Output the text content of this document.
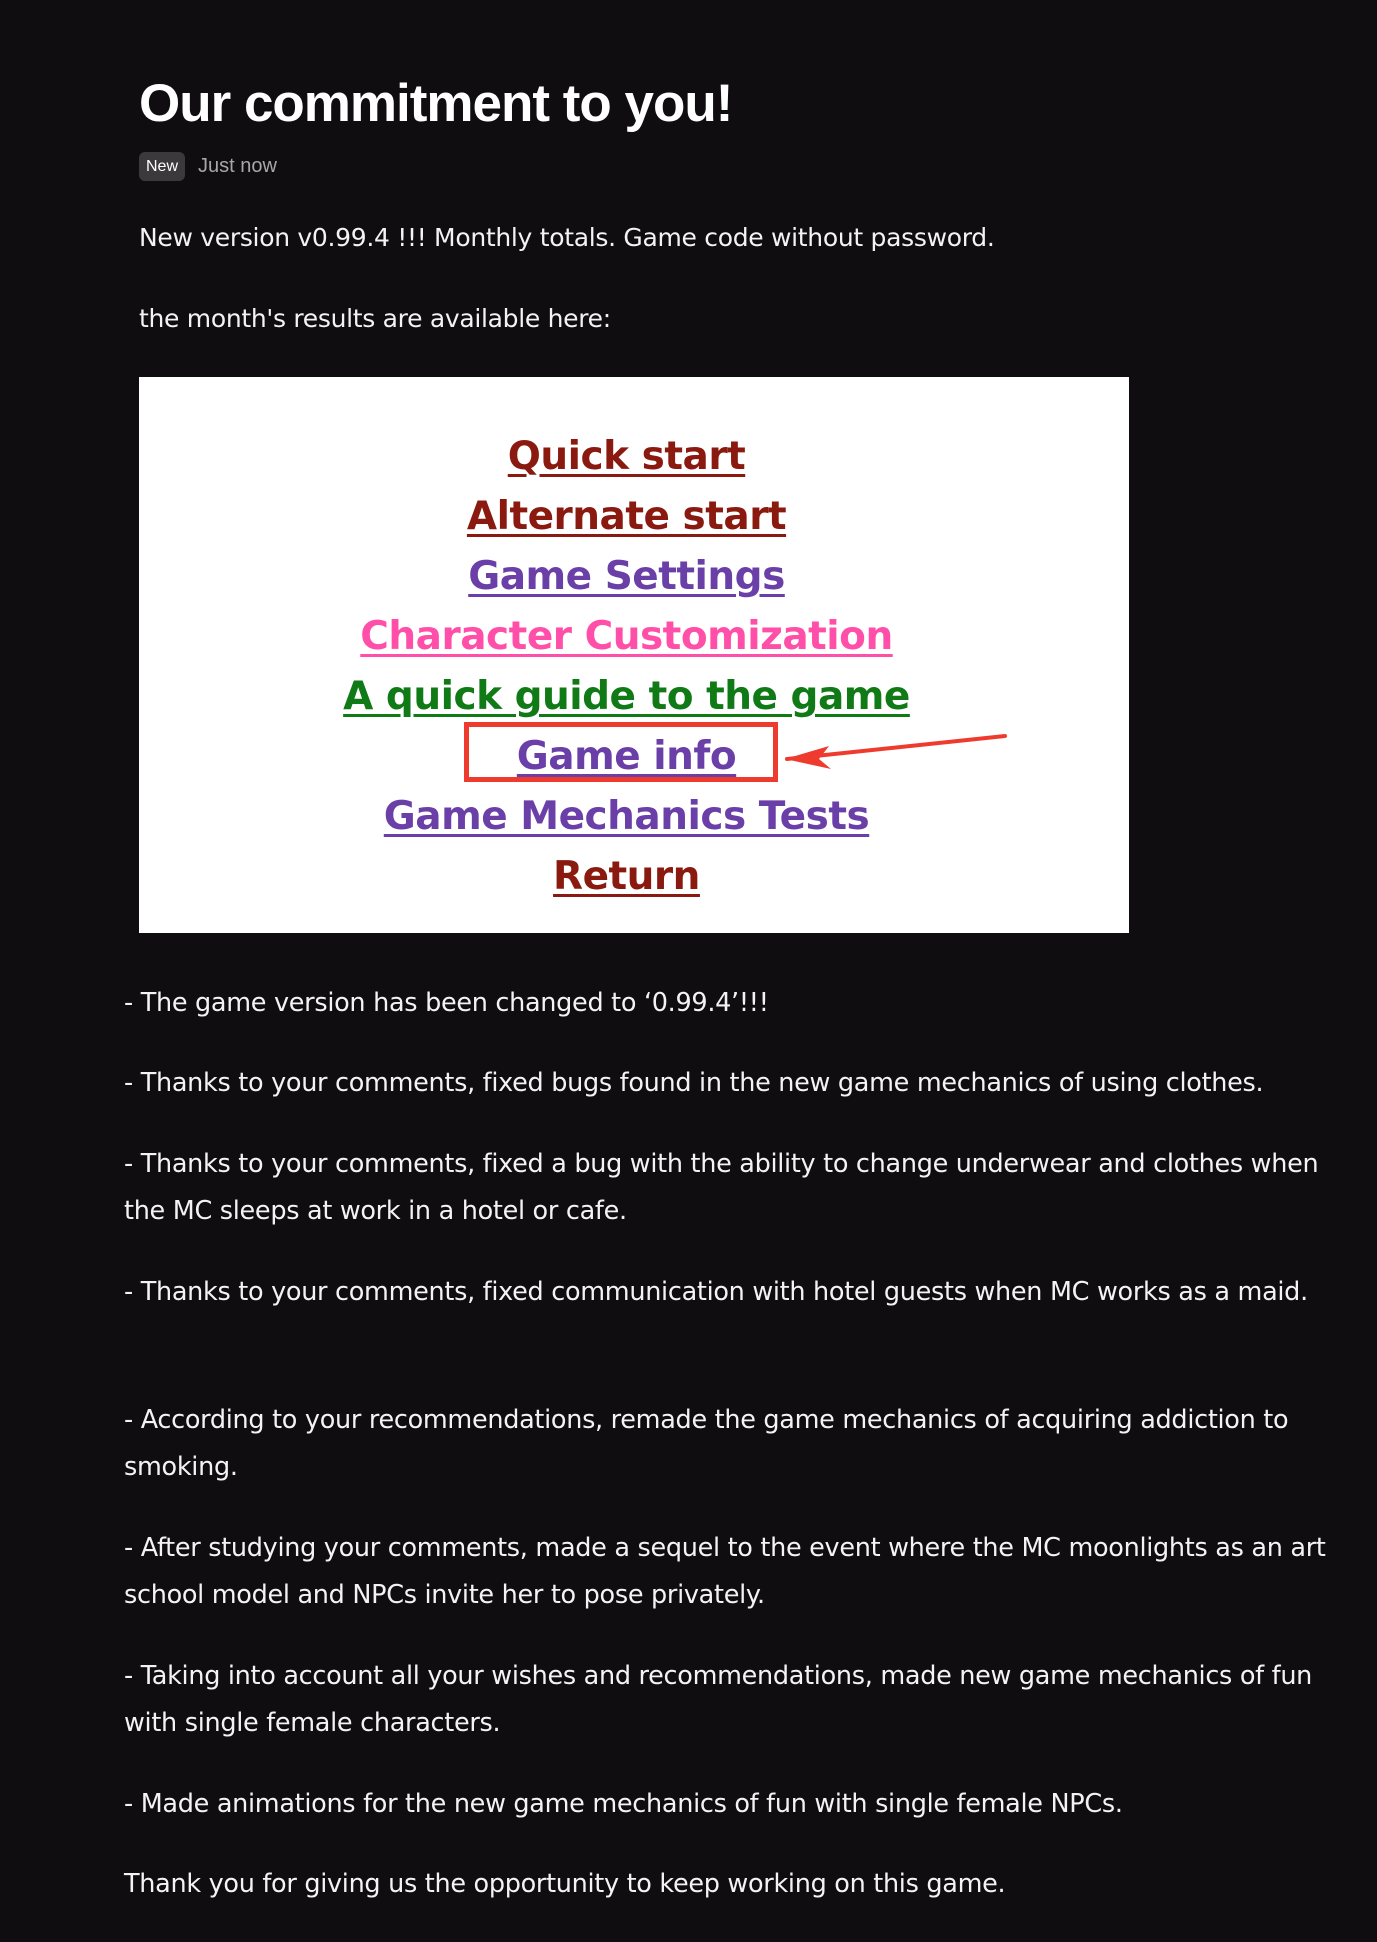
Our commitment to you!
New	Just now

New version v0.99.4 !!! Monthly totals. Game code without password.

the month's results are available here:

Quick start
Alternate start
Game Settings
Character Customization
A quick guide to the game
Game info
Game Mechanics Tests
Return

- The game version has been changed to ‘0.99.4’!!!

- Thanks to your comments, fixed bugs found in the new game mechanics of using clothes.

- Thanks to your comments, fixed a bug with the ability to change underwear and clothes when the MC sleeps at work in a hotel or cafe.

- Thanks to your comments, fixed communication with hotel guests when MC works as a maid.

- According to your recommendations, remade the game mechanics of acquiring addiction to smoking.

- After studying your comments, made a sequel to the event where the MC moonlights as an art school model and NPCs invite her to pose privately.

- Taking into account all your wishes and recommendations, made new game mechanics of fun with single female characters.

- Made animations for the new game mechanics of fun with single female NPCs.

Thank you for giving us the opportunity to keep working on this game.
